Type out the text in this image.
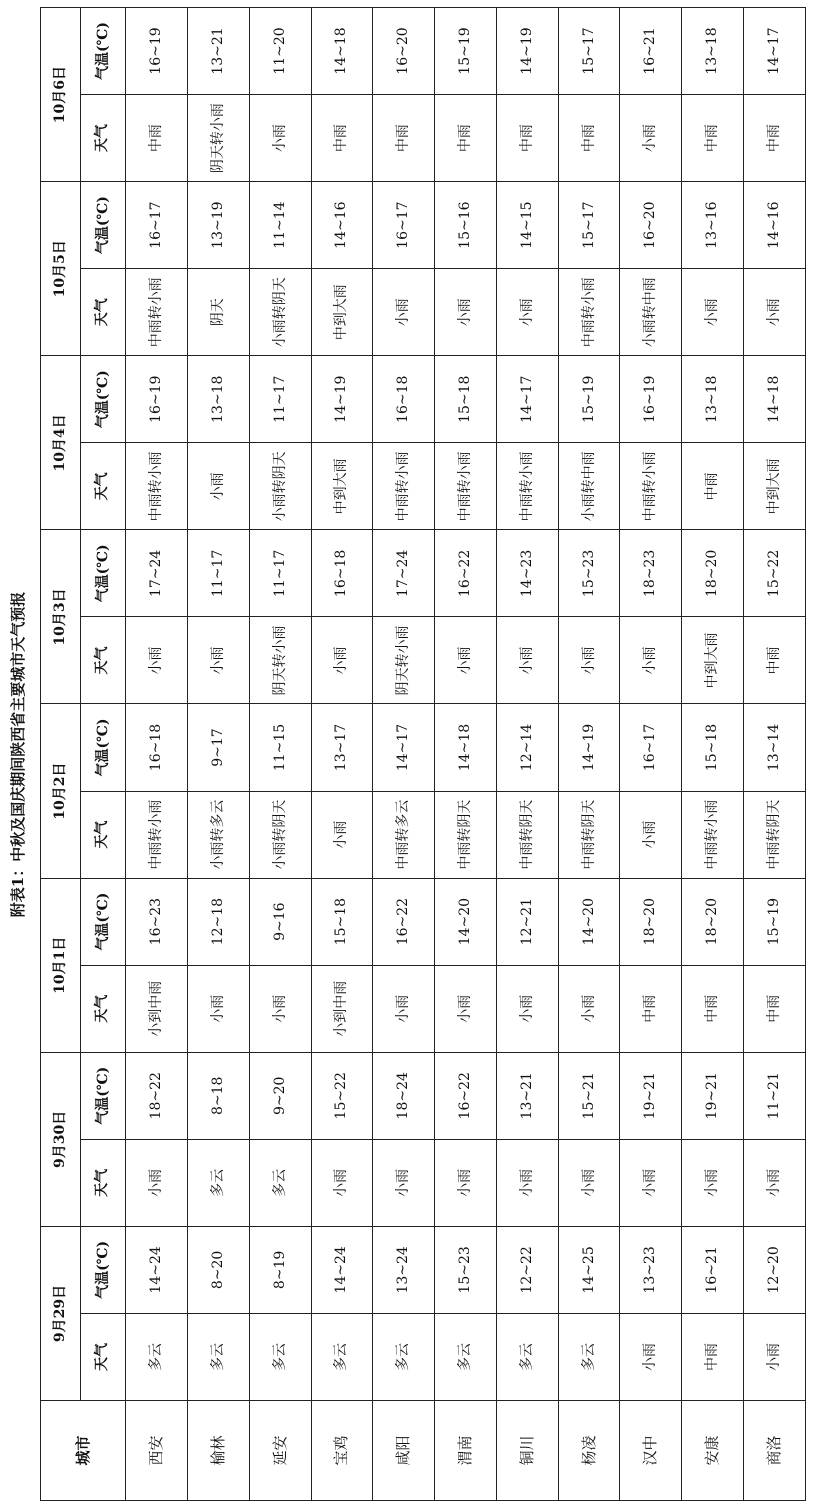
附表1：中秋及国庆期间陕西省主要城市天气预报
城市	9月29日		9月30日		10月1日		10月2日		10月3日		10月4日		10月5日		10月6日	
	天气	气温(℃)	天气	气温(℃)	天气	气温(℃)	天气	气温(℃)	天气	气温(℃)	天气	气温(℃)	天气	气温(℃)	天气	气温(℃)
西安	多云	14~24	小雨	18~22	小到中雨	16~23	中雨转小雨	16~18	小雨	17~24	中雨转小雨	16~19	中雨转小雨	16~17	中雨	16~19
榆林	多云	8~20	多云	8~18	小雨	12~18	小雨转多云	9~17	小雨	11~17	小雨	13~18	阴天	13~19	阴天转小雨	13~21
延安	多云	8~19	多云	9~20	小雨	9~16	小雨转阴天	11~15	阴天转小雨	11~17	小雨转阴天	11~17	小雨转阴天	11~14	小雨	11~20
宝鸡	多云	14~24	小雨	15~22	小到中雨	15~18	小雨	13~17	小雨	16~18	中到大雨	14~19	中到大雨	14~16	中雨	14~18
咸阳	多云	13~24	小雨	18~24	小雨	16~22	中雨转多云	14~17	阴天转小雨	17~24	中雨转小雨	16~18	小雨	16~17	中雨	16~20
渭南	多云	15~23	小雨	16~22	小雨	14~20	中雨转阴天	14~18	小雨	16~22	中雨转小雨	15~18	小雨	15~16	中雨	15~19
铜川	多云	12~22	小雨	13~21	小雨	12~21	中雨转阴天	12~14	小雨	14~23	中雨转小雨	14~17	小雨	14~15	中雨	14~19
杨凌	多云	14~25	小雨	15~21	小雨	14~20	中雨转阴天	14~19	小雨	15~23	小雨转中雨	15~19	中雨转小雨	15~17	中雨	15~17
汉中	小雨	13~23	小雨	19~21	中雨	18~20	小雨	16~17	小雨	18~23	中雨转小雨	16~19	小雨转中雨	16~20	小雨	16~21
安康	中雨	16~21	小雨	19~21	中雨	18~20	中雨转小雨	15~18	中到大雨	18~20	中雨	13~18	小雨	13~16	中雨	13~18
商洛	小雨	12~20	小雨	11~21	中雨	15~19	中雨转阴天	13~14	中雨	15~22	中到大雨	14~18	小雨	14~16	中雨	14~17
